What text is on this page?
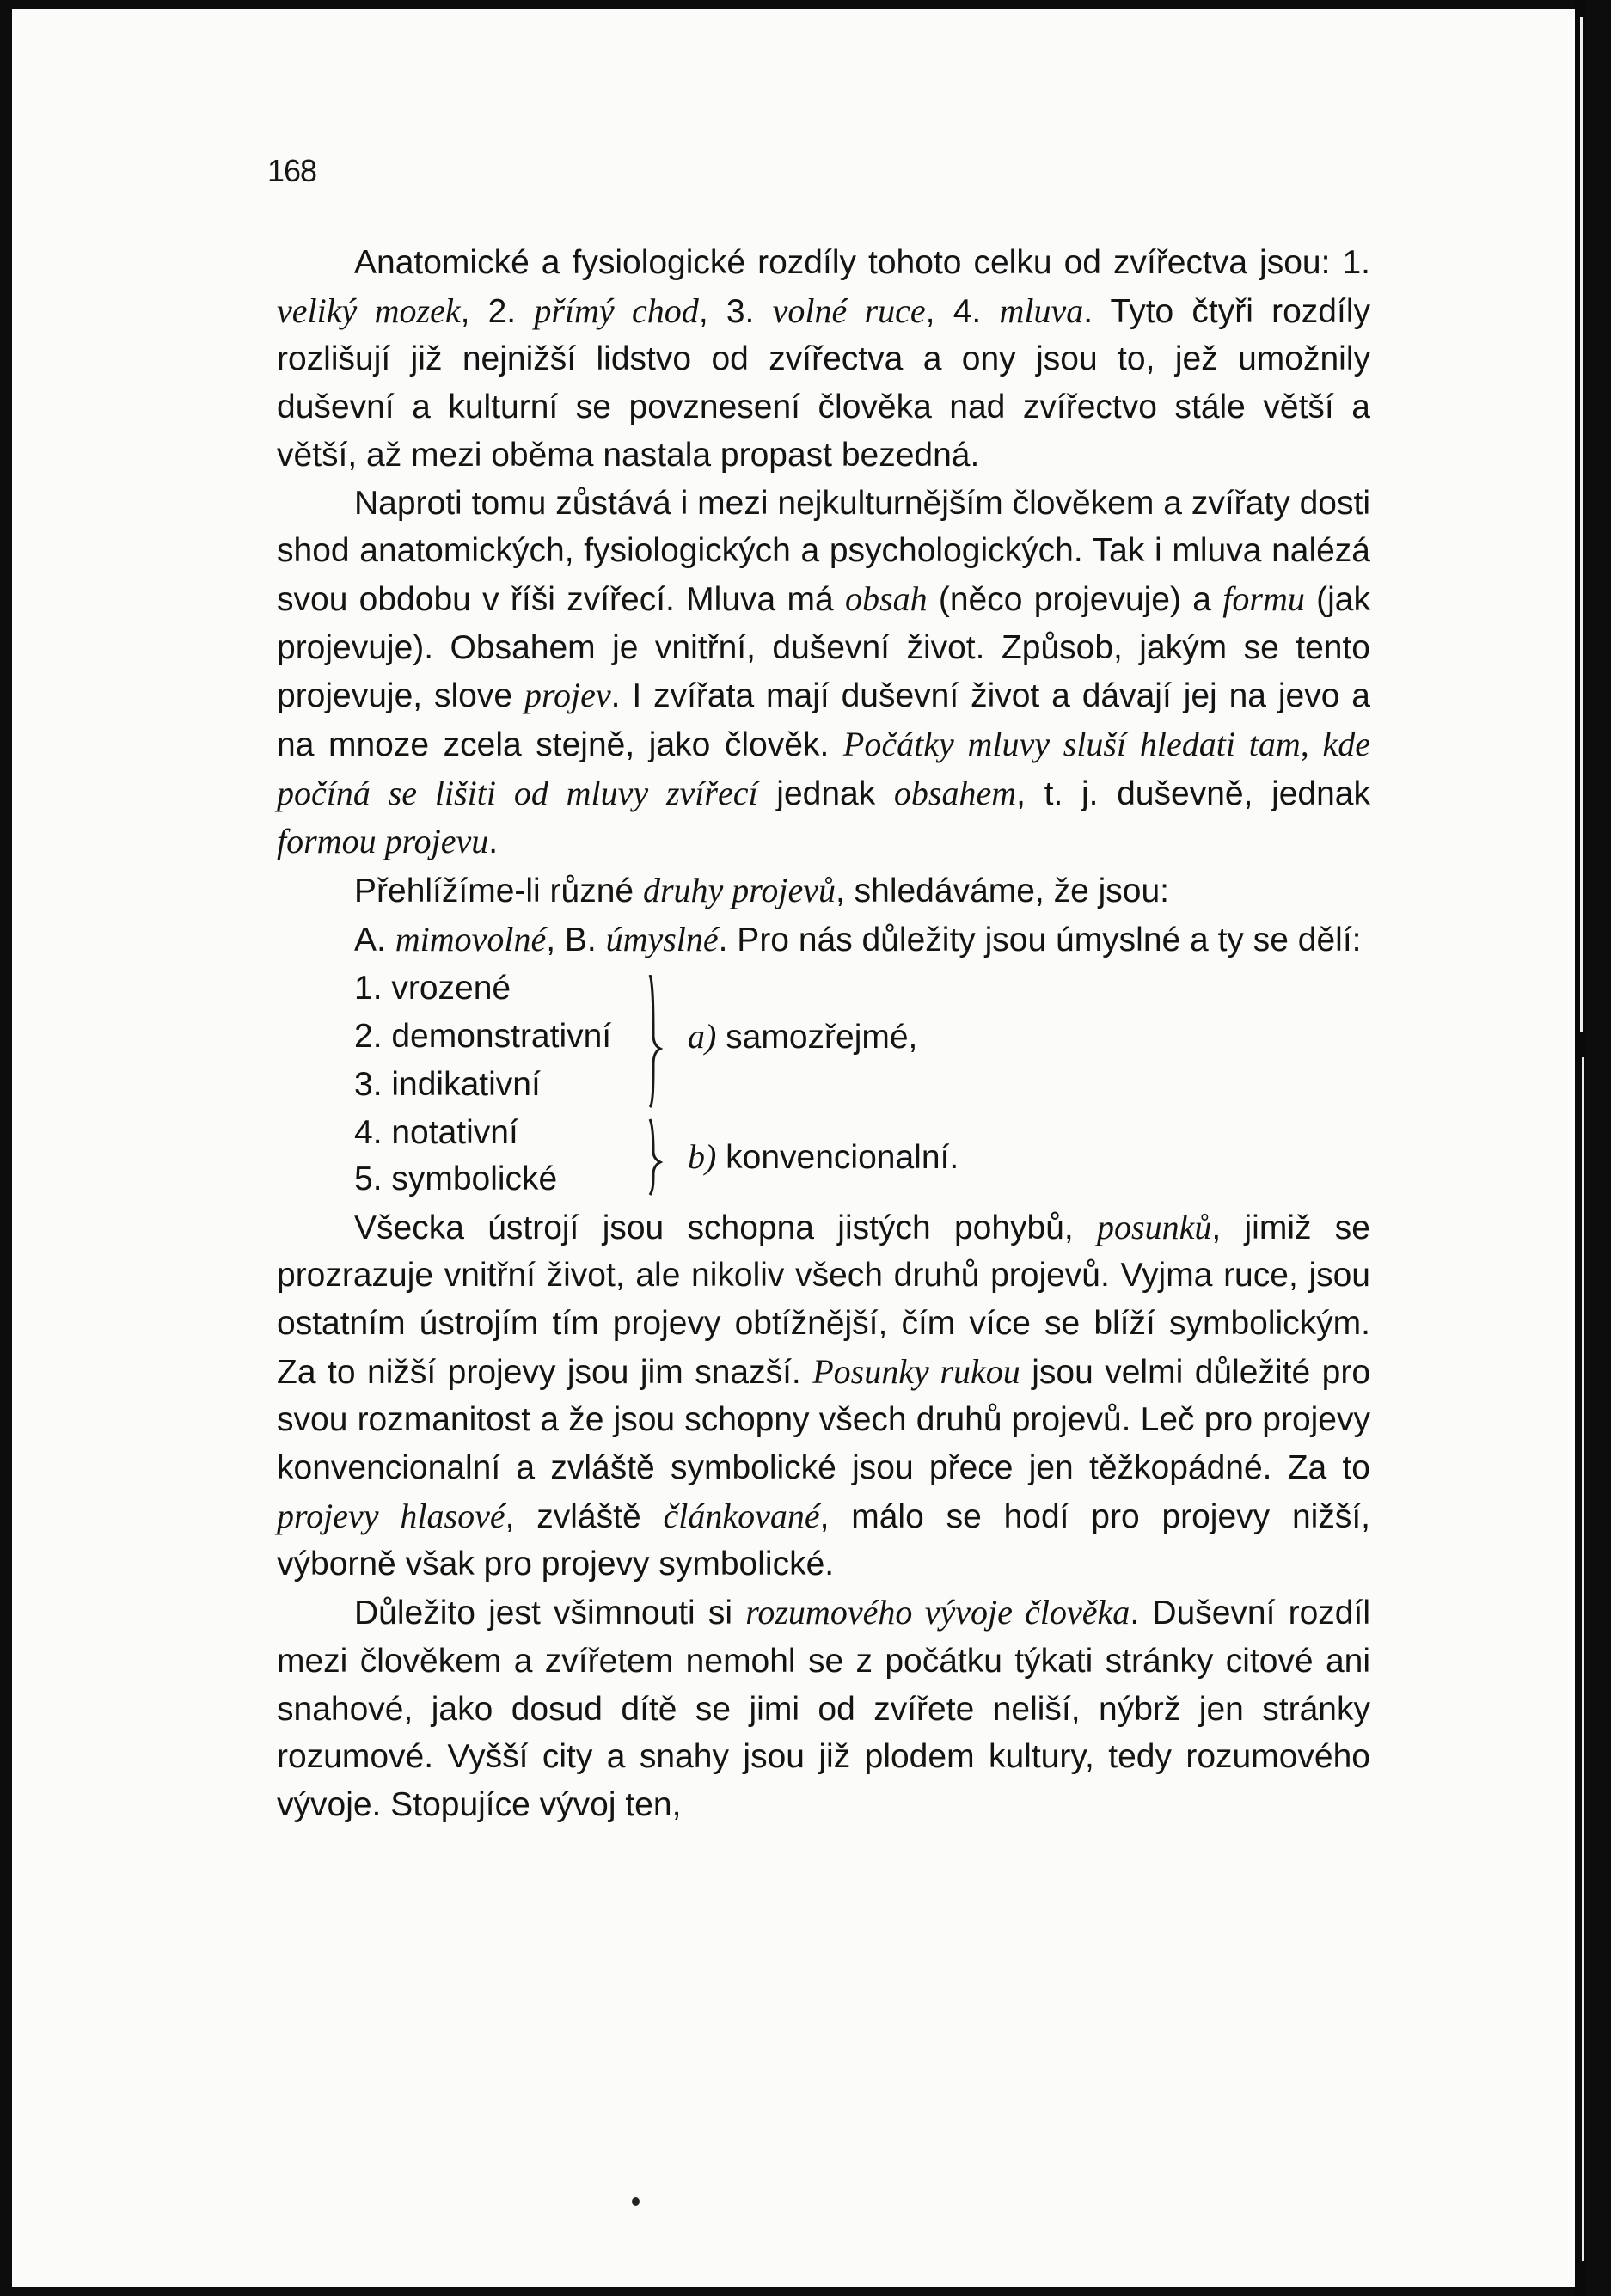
168

Anatomické a fysiologické rozdíly tohoto celku od zvířectva jsou: 1. veliký mozek, 2. přímý chod, 3. volné ruce, 4. mluva. Tyto čtyři rozdíly rozlišují již nejnižší lidstvo od zvířectva a ony jsou to, jež umožnily duševní a kulturní se povznesení člověka nad zvířectvo stále větší a větší, až mezi oběma nastala propast bezedná.

Naproti tomu zůstává i mezi nejkulturnějším člověkem a zvířaty dosti shod anatomických, fysiologických a psychologických. Tak i mluva nalézá svou obdobu v říši zvířecí. Mluva má obsah (něco projevuje) a formu (jak projevuje). Obsahem je vnitřní, duševní život. Způsob, jakým se tento projevuje, slove projev. I zvířata mají duševní život a dávají jej na jevo a na mnoze zcela stejně, jako člověk. Počátky mluvy sluší hledati tam, kde počíná se lišiti od mluvy zvířecí jednak obsahem, t. j. duševně, jednak formou projevu.

Přehlížíme-li různé druhy projevů, shledáváme, že jsou:

A. mimovolné, B. úmyslné. Pro nás důležity jsou úmyslné a ty se dělí:

1. vrozené
2. demonstrativní
3. indikativní
4. notativní
5. symbolické
a) samozřejmé,
b) konvencionalní.

Všecka ústrojí jsou schopna jistých pohybů, posunků, jimiž se prozrazuje vnitřní život, ale nikoliv všech druhů projevů. Vyjma ruce, jsou ostatním ústrojím tím projevy obtížnější, čím více se blíží symbolickým. Za to nižší projevy jsou jim snazší. Posunky rukou jsou velmi důležité pro svou rozmanitost a že jsou schopny všech druhů projevů. Leč pro projevy konvencionalní a zvláště symbolické jsou přece jen těžkopádné. Za to projevy hlasové, zvláště článkované, málo se hodí pro projevy nižší, výborně však pro projevy symbolické.

Důležito jest všimnouti si rozumového vývoje člověka. Duševní rozdíl mezi člověkem a zvířetem nemohl se z počátku týkati stránky citové ani snahové, jako dosud dítě se jimi od zvířete neliší, nýbrž jen stránky rozumové. Vyšší city a snahy jsou již plodem kultury, tedy rozumového vývoje. Stopujíce vývoj ten,
